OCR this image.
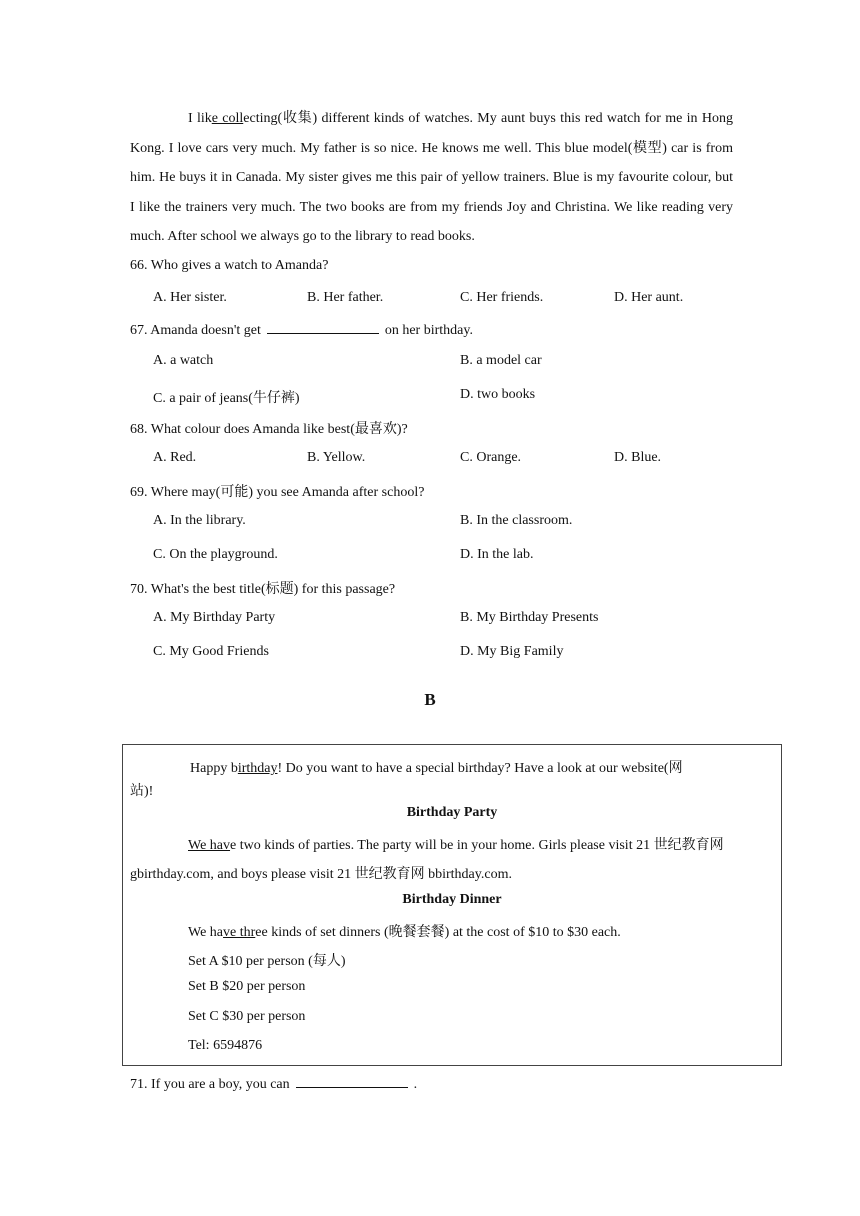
I like collecting(收集) different kinds of watches. My aunt buys this red watch for me in Hong Kong. I love cars very much. My father is so nice. He knows me well. This blue model(模型) car is from him. He buys it in Canada. My sister gives me this pair of yellow trainers. Blue is my favourite colour, but I like the trainers very much. The two books are from my friends Joy and Christina. We like reading very much. After school we always go to the library to read books.
66. Who gives a watch to Amanda?
A. Her sister.	B. Her father.	C. Her friends.	D. Her aunt.
67. Amanda doesn't get	on her birthday.
A. a watch	B. a model car
C. a pair of jeans(牛仔裤)	D. two books
68. What colour does Amanda like best(最喜欢)?
A. Red.	B. Yellow.	C. Orange.	D. Blue.
69. Where may(可能) you see Amanda after school?
A. In the library.	B. In the classroom.
C. On the playground.	D. In the lab.
70. What's the best title(标题) for this passage?
A. My Birthday Party	B. My Birthday Presents
C. My Good Friends	D. My Big Family
B
Happy birthday! Do you want to have a special birthday? Have a look at our website(网
站)!
Birthday Party
We have two kinds of parties. The party will be in your home. Girls please visit 21 世纪教育网
gbirthday.com, and boys please visit 21 世纪教育网 bbirthday.com.
Birthday Dinner
We have three kinds of set dinners (晚餐套餐) at the cost of $10 to $30 each.
Set A $10 per person (每人)
Set B $20 per person
Set C $30 per person
Tel: 6594876
71. If you are a boy, you can	.
